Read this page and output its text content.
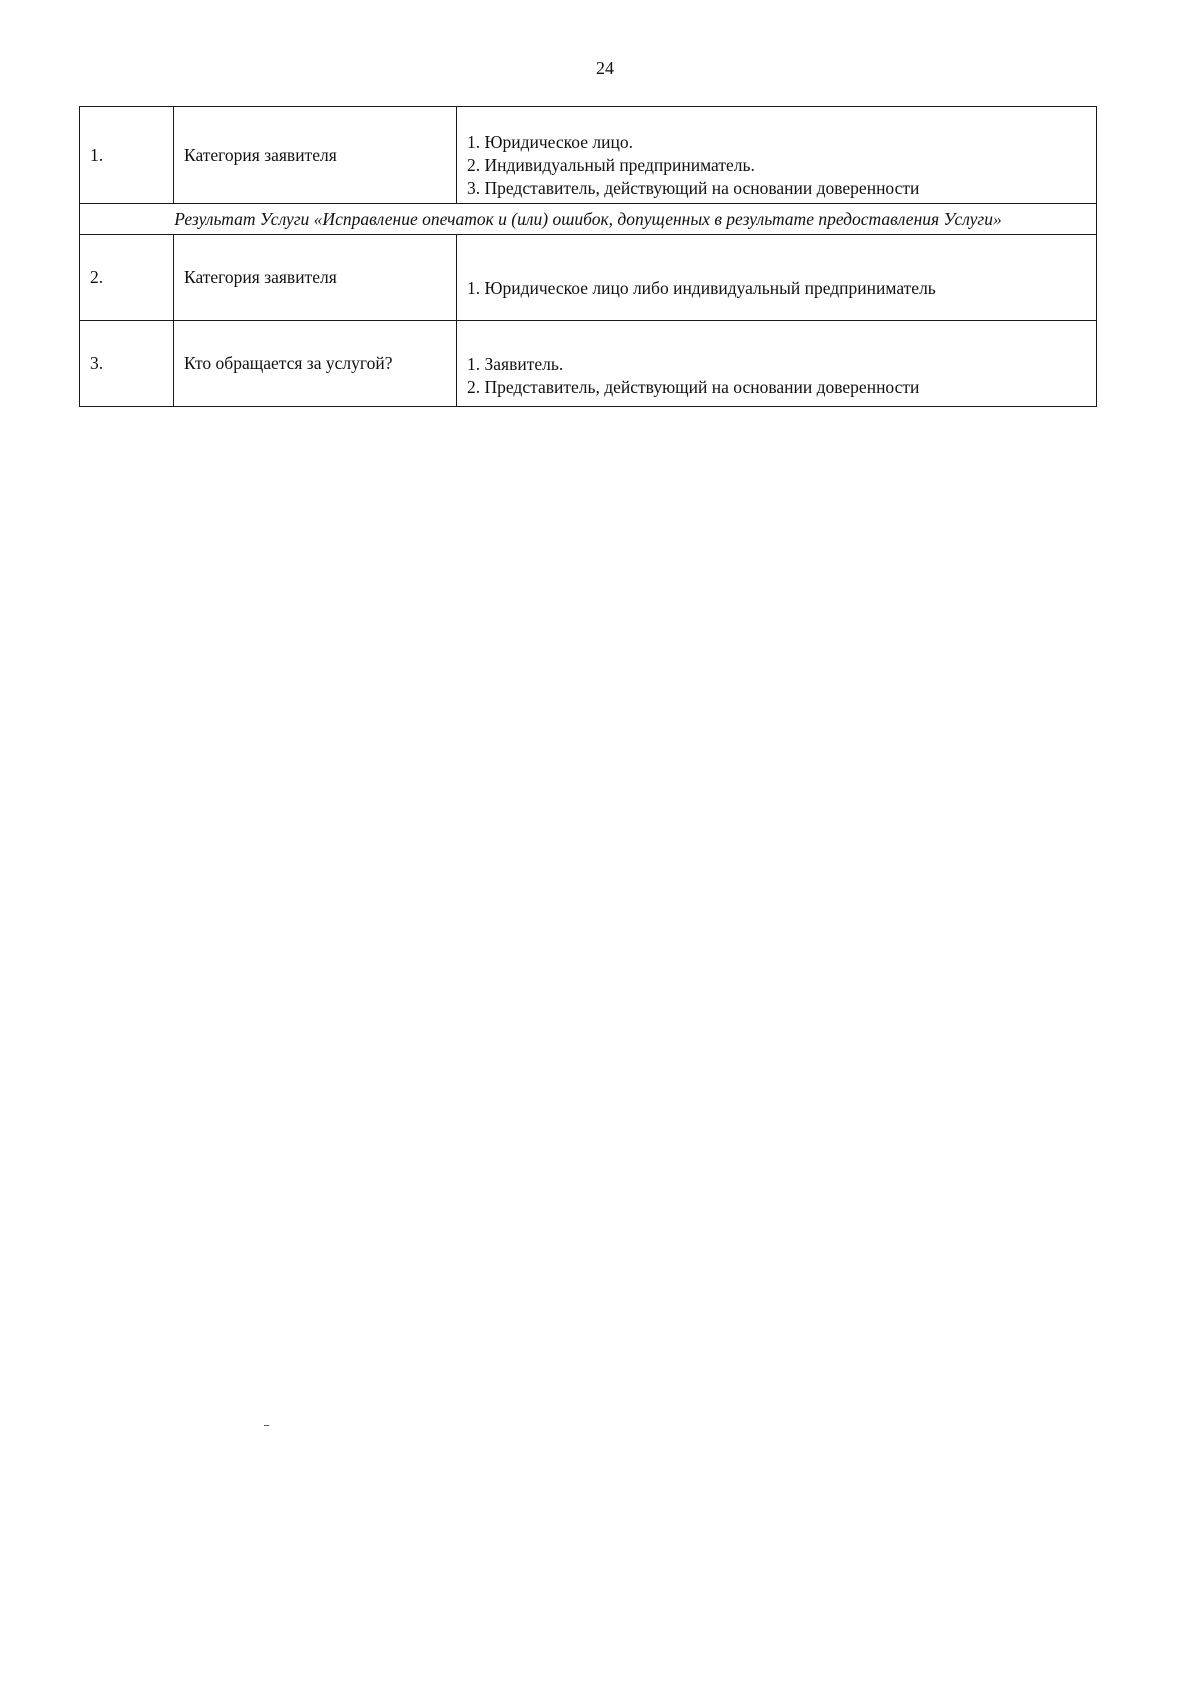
24
1.	Категория заявителя	1. Юридическое лицо.
2. Индивидуальный предприниматель.
3. Представитель, действующий на основании доверенности

Результат Услуги «Исправление опечаток и (или) ошибок, допущенных в результате предоставления Услуги»		
2.	Категория заявителя	1. Юридическое лицо либо индивидуальный предприниматель

3.	Кто обращается за услугой?	1. Заявитель.
2. Представитель, действующий на основании доверенности
